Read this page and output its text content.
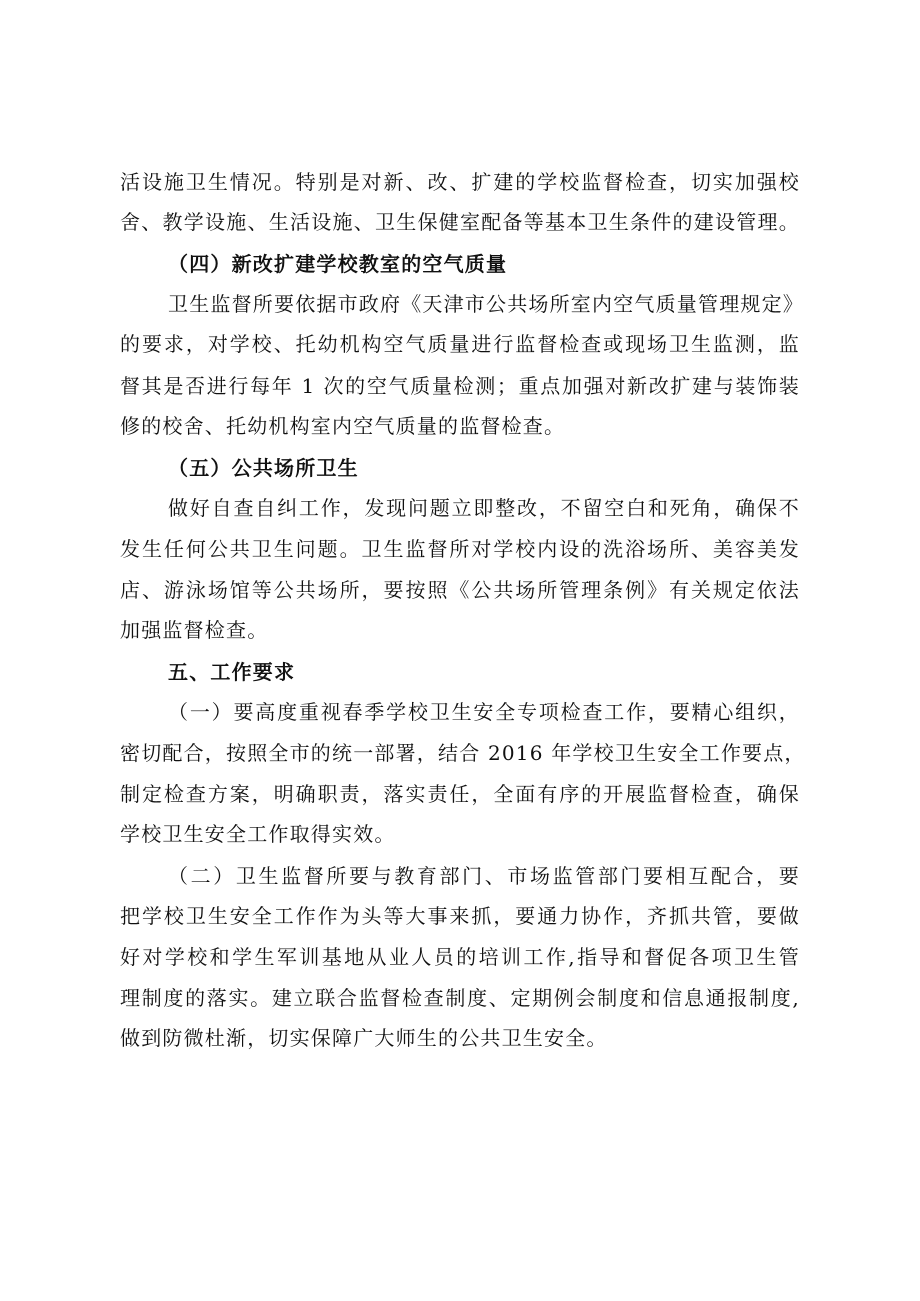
活设施卫生情况。特别是对新、改、扩建的学校监督检查，切实加强校
舍、教学设施、生活设施、卫生保健室配备等基本卫生条件的建设管理。
（四）新改扩建学校教室的空气质量
卫生监督所要依据市政府《天津市公共场所室内空气质量管理规定》
的要求，对学校、托幼机构空气质量进行监督检查或现场卫生监测，监
督其是否进行每年 1 次的空气质量检测；重点加强对新改扩建与装饰装
修的校舍、托幼机构室内空气质量的监督检查。
（五）公共场所卫生
做好自查自纠工作，发现问题立即整改，不留空白和死角，确保不
发生任何公共卫生问题。卫生监督所对学校内设的洗浴场所、美容美发
店、游泳场馆等公共场所，要按照《公共场所管理条例》有关规定依法
加强监督检查。
五、工作要求
（一）要高度重视春季学校卫生安全专项检查工作，要精心组织，
密切配合，按照全市的统一部署，结合 2016 年学校卫生安全工作要点，
制定检查方案，明确职责，落实责任，全面有序的开展监督检查，确保
学校卫生安全工作取得实效。
（二）卫生监督所要与教育部门、市场监管部门要相互配合，要
把学校卫生安全工作作为头等大事来抓，要通力协作，齐抓共管，要做
好对学校和学生军训基地从业人员的培训工作,指导和督促各项卫生管
理制度的落实。建立联合监督检查制度、定期例会制度和信息通报制度,
做到防微杜渐，切实保障广大师生的公共卫生安全。
